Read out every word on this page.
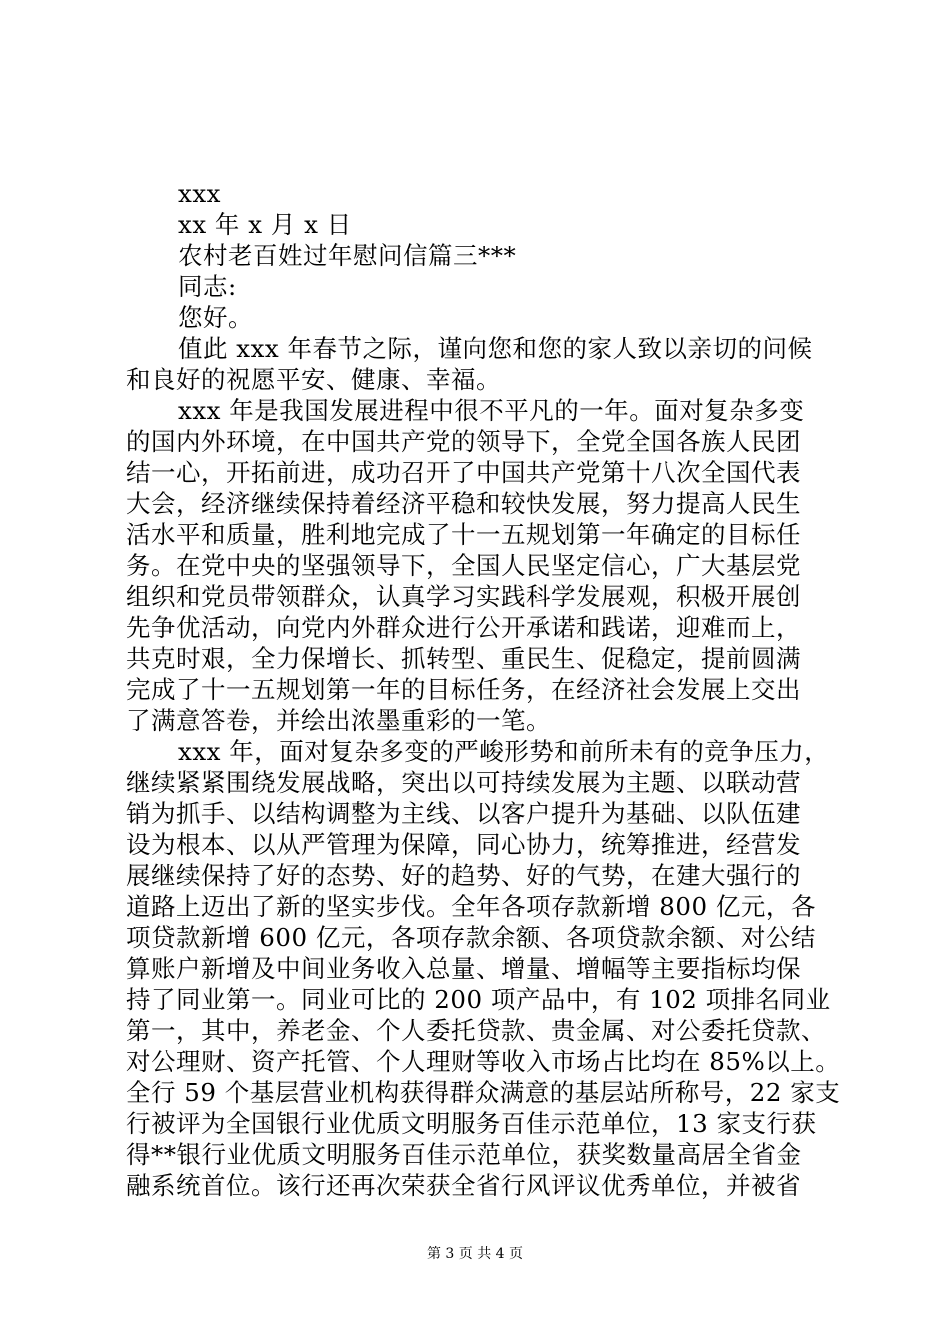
xxx
xx 年 x 月 x 日
农村老百姓过年慰问信篇三***
同志:
您好。
值此 xxx 年春节之际，谨向您和您的家人致以亲切的问候
和良好的祝愿平安、健康、幸福。
xxx 年是我国发展进程中很不平凡的一年。面对复杂多变
的国内外环境，在中国共产党的领导下，全党全国各族人民团
结一心，开拓前进，成功召开了中国共产党第十八次全国代表
大会，经济继续保持着经济平稳和较快发展，努力提高人民生
活水平和质量，胜利地完成了十一五规划第一年确定的目标任
务。在党中央的坚强领导下，全国人民坚定信心，广大基层党
组织和党员带领群众，认真学习实践科学发展观，积极开展创
先争优活动，向党内外群众进行公开承诺和践诺，迎难而上，
共克时艰，全力保增长、抓转型、重民生、促稳定，提前圆满
完成了十一五规划第一年的目标任务，在经济社会发展上交出
了满意答卷，并绘出浓墨重彩的一笔。
xxx 年，面对复杂多变的严峻形势和前所未有的竞争压力，
继续紧紧围绕发展战略，突出以可持续发展为主题、以联动营
销为抓手、以结构调整为主线、以客户提升为基础、以队伍建
设为根本、以从严管理为保障，同心协力，统筹推进，经营发
展继续保持了好的态势、好的趋势、好的气势，在建大强行的
道路上迈出了新的坚实步伐。全年各项存款新增 800 亿元，各
项贷款新增 600 亿元，各项存款余额、各项贷款余额、对公结
算账户新增及中间业务收入总量、增量、增幅等主要指标均保
持了同业第一。同业可比的 200 项产品中，有 102 项排名同业
第一，其中，养老金、个人委托贷款、贵金属、对公委托贷款、
对公理财、资产托管、个人理财等收入市场占比均在 85%以上。
全行 59 个基层营业机构获得群众满意的基层站所称号，22 家支
行被评为全国银行业优质文明服务百佳示范单位，13 家支行获
得**银行业优质文明服务百佳示范单位，获奖数量高居全省金
融系统首位。该行还再次荣获全省行风评议优秀单位，并被省
第 3 页 共 4 页
